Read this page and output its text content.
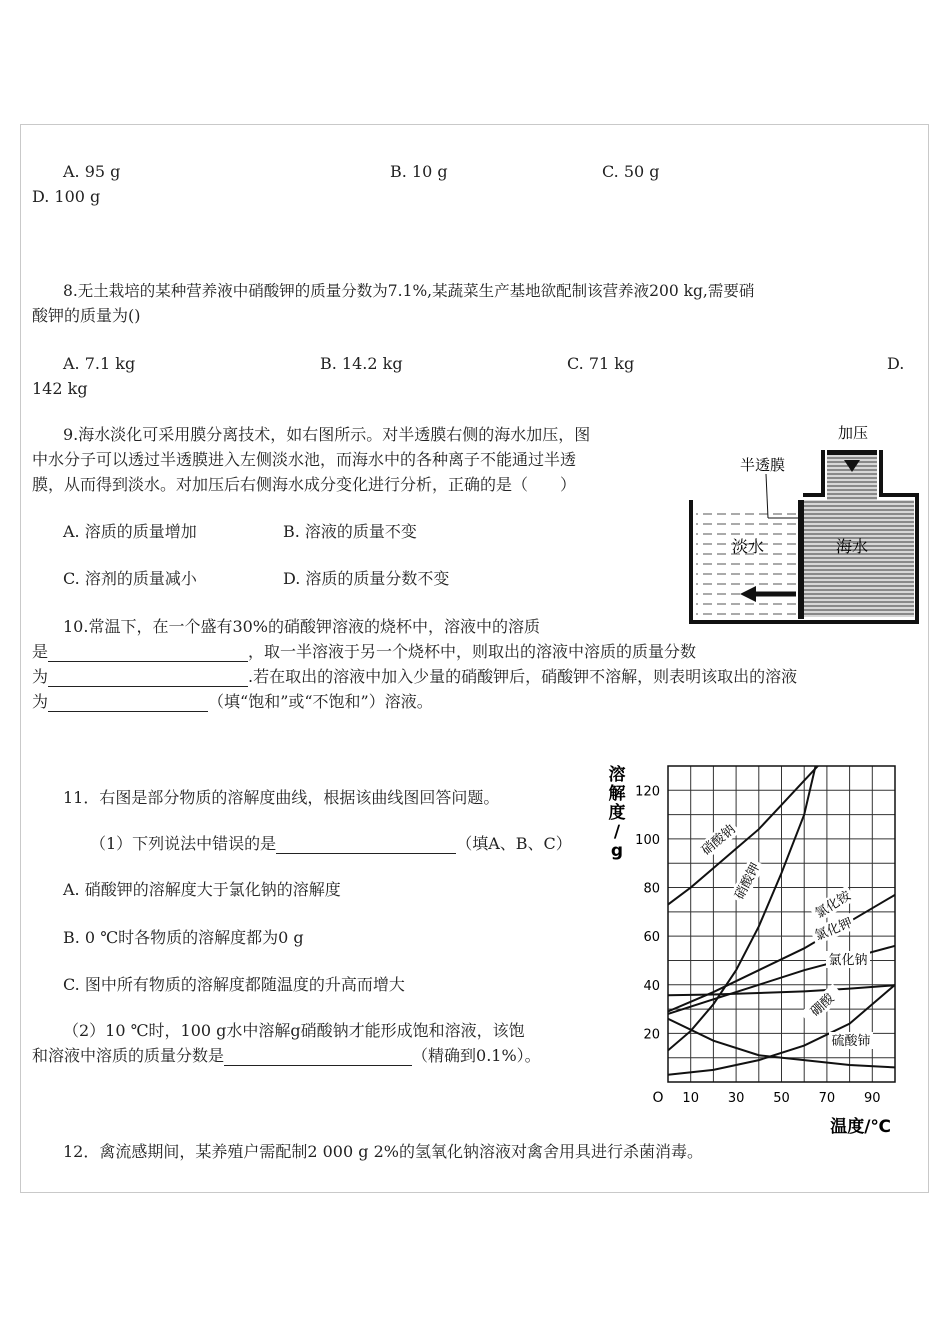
A. 95 g	B. 10 g	C. 50 g
D. 100 g
8.无土栽培的某种营养液中硝酸钾的质量分数为7.1%,某蔬菜生产基地欲配制该营养液200 kg,需要硝
酸钾的质量为()
A. 7.1 kg	B. 14.2 kg	C. 71 kg	D.
142 kg
9.海水淡化可采用膜分离技术，如右图所示。对半透膜右侧的海水加压，图
中水分子可以透过半透膜进入左侧淡水池，而海水中的各种离子不能通过半透
膜，从而得到淡水。对加压后右侧海水成分变化进行分析，正确的是（　　）
A. 溶质的质量增加	B. 溶液的质量不变
C. 溶剂的质量减小	D. 溶质的质量分数不变
加压
半透膜
淡水	海水
10.常温下，在一个盛有30%的硝酸钾溶液的烧杯中，溶液中的溶质
是	，取一半溶液于另一个烧杯中，则取出的溶液中溶质的质量分数
为	.若在取出的溶液中加入少量的硝酸钾后，硝酸钾不溶解，则表明该取出的溶液
为	（填“饱和”或“不饱和”）溶液。
11．右图是部分物质的溶解度曲线，根据该曲线图回答问题。
（1）下列说法中错误的是	（填A、B、C）
A. 硝酸钾的溶解度大于氯化钠的溶解度
B. 0 ℃时各物质的溶解度都为0 g
C. 图中所有物质的溶解度都随温度的升高而增大
（2）10 ℃时，100 g水中溶解g硝酸钠才能形成饱和溶液，该饱
和溶液中溶质的质量分数是	（精确到0.1%）。
20
40
60
80
100
120
10 30 50 70 90
O
溶
解
度
∕
g
温度/℃
硝酸钠
硝酸钾
氯化铵
氯化钾
氯化钠
硼酸
硫酸铈
12．禽流感期间，某养殖户需配制2 000 g 2%的氢氧化钠溶液对禽舍用具进行杀菌消毒。
